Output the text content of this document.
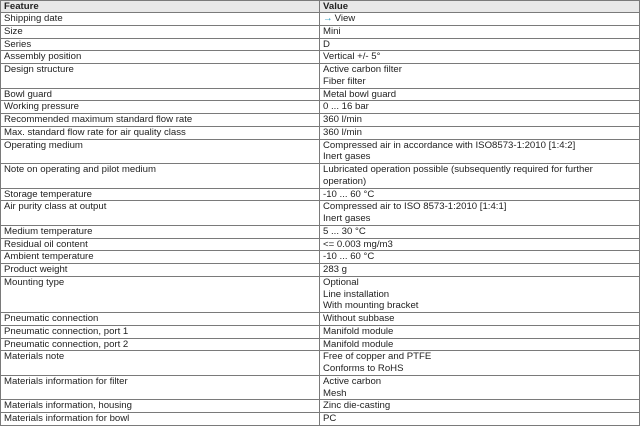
Feature	Value
Shipping date	→ View

Size	Mini

Series	D

Assembly position	Vertical +/- 5°

Design structure	Active carbon filter
Fiber filter

Bowl guard	Metal bowl guard

Working pressure	0 ... 16 bar

Recommended maximum standard flow rate	360 l/min

Max. standard flow rate for air quality class	360 l/min

Operating medium	Compressed air in accordance with ISO8573-1:2010 [1:4:2]
Inert gases

Note on operating and pilot medium	Lubricated operation possible (subsequently required for further
operation)

Storage temperature	-10 ... 60 °C

Air purity class at output	Compressed air to ISO 8573-1:2010 [1:4:1]
Inert gases

Medium temperature	5 ... 30 °C

Residual oil content	<= 0.003 mg/m3

Ambient temperature	-10 ... 60 °C

Product weight	283 g

Mounting type	Optional
Line installation
With mounting bracket

Pneumatic connection	Without subbase

Pneumatic connection, port 1	Manifold module

Pneumatic connection, port 2	Manifold module

Materials note	Free of copper and PTFE
Conforms to RoHS

Materials information for filter	Active carbon
Mesh

Materials information, housing	Zinc die-casting

Materials information for bowl	PC
